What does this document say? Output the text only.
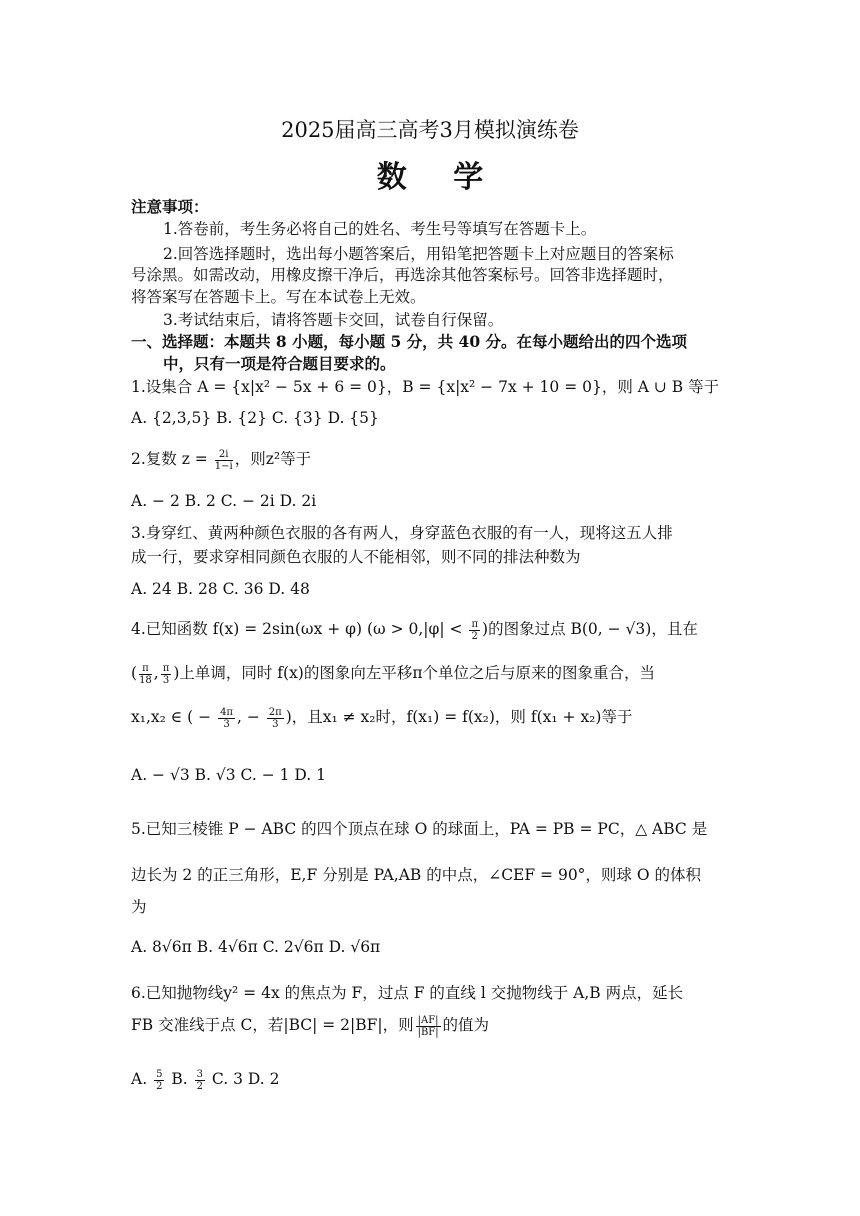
2025届高三高考3月模拟演练卷
数 学
注意事项：
1.答卷前，考生务必将自己的姓名、考生号等填写在答题卡上。
2.回答选择题时，选出每小题答案后，用铅笔把答题卡上对应题目的答案标
号涂黑。如需改动，用橡皮擦干净后，再选涂其他答案标号。回答非选择题时，
将答案写在答题卡上。写在本试卷上无效。
3.考试结束后，请将答题卡交回，试卷自行保留。
一、选择题：本题共 8 小题，每小题 5 分，共 40 分。在每小题给出的四个选项
中，只有一项是符合题目要求的。
1.设集合 A = {x|x² − 5x + 6 = 0}，B = {x|x² − 7x + 10 = 0}，则 A ∪ B 等于
A. {2,3,5} B. {2} C. {3} D. {5}
2.复数 $z = \frac{2i}{1-i}$ ，则z²等于
A. − 2 B. 2 C. − 2i D. 2i
3.身穿红、黄两种颜色衣服的各有两人，身穿蓝色衣服的有一人，现将这五人排
成一行，要求穿相同颜色衣服的人不能相邻，则不同的排法种数为
A. 24 B. 28 C. 36 D. 48
4.已知函数 f(x) = 2sin(ωx + φ) ($\omega > 0,|\varphi| < \frac{\pi}{2}$ )的图象过点 B(0, − √3)，且在
( $\frac{\pi}{18}$ , $\frac{\pi}{3}$ )上单调，同时 f(x)的图象向左平移π个单位之后与原来的图象重合，当
x₁,x₂ ∈ ( − $\frac{4\pi}{3}$ , − $\frac{2\pi}{3}$ )，且x₁ ≠ x₂时，f(x₁) = f(x₂)，则 f(x₁ + x₂)等于
A. − √3 B. √3 C. − 1 D. 1
5.已知三棱锥 P − ABC 的四个顶点在球 O 的球面上，PA = PB = PC，△ ABC 是
边长为 2 的正三角形，E,F 分别是 PA,AB 的中点，∠CEF = 90°，则球 O 的体积
为
A. 8√6π B. 4√6π C. 2√6π D. √6π
6.已知抛物线y² = 4x 的焦点为 F，过点 F 的直线 l 交抛物线于 A,B 两点，延长
FB 交准线于点 C，若|BC| = 2|BF|，则 $\frac{|AF|}{|BF|}$ 的值为
A. $\frac{5}{2} B$. $\frac{3}{2} C$. 3 D. 2
